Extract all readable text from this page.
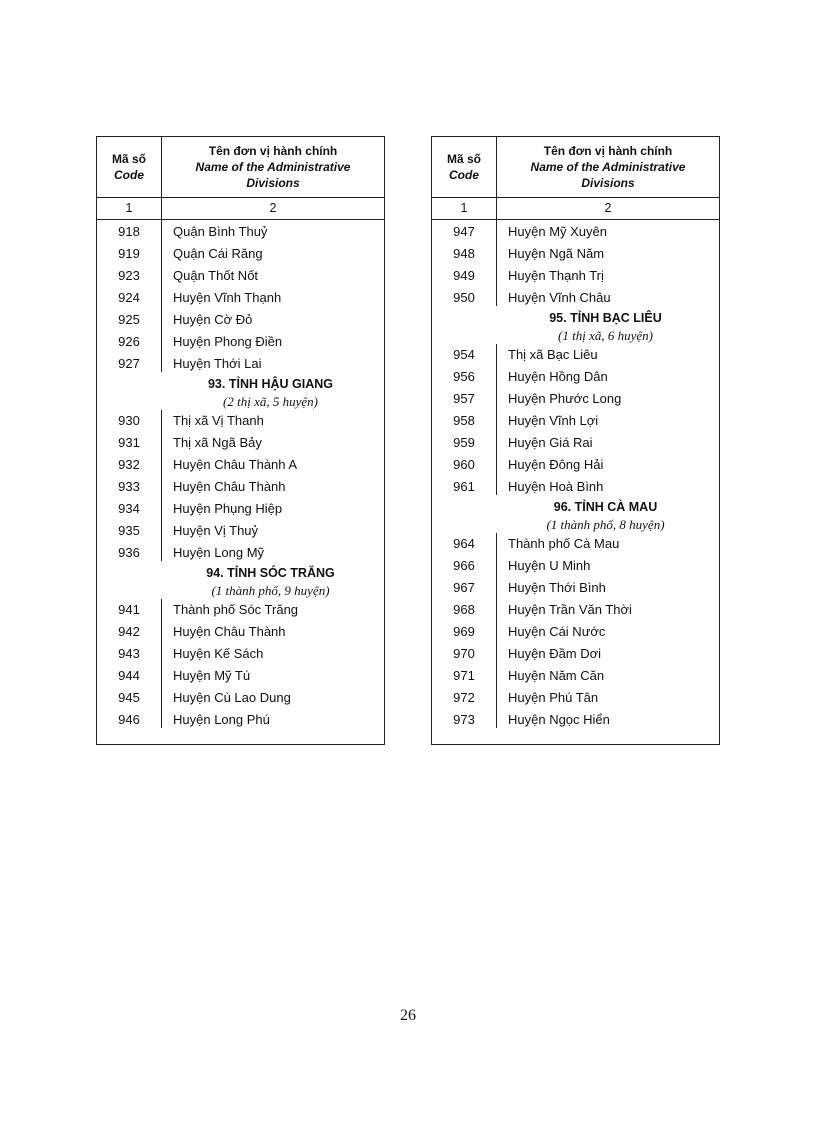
Mã số
Code
Tên đơn vị hành chính
Name of the Administrative
Divisions
1	2
918	Quận Bình Thuỷ
919	Quận Cái Răng
923	Quận Thốt Nốt
924	Huyện Vĩnh Thạnh
925	Huyện Cờ Đỏ
926	Huyện Phong Điền
927	Huyện Thới Lai
93. TỈNH HẬU GIANG
(2 thị xã, 5 huyện)
930	Thị xã Vị Thanh
931	Thị xã Ngã Bảy
932	Huyện Châu Thành A
933	Huyện Châu Thành
934	Huyện Phụng Hiệp
935	Huyện Vị Thuỷ
936	Huyện Long Mỹ
94. TỈNH SÓC TRĂNG
(1 thành phố, 9 huyện)
941	Thành phố Sóc Trăng
942	Huyện Châu Thành
943	Huyện Kế Sách
944	Huyện Mỹ Tú
945	Huyện Cù Lao Dung
946	Huyện Long Phú
Mã số
Code
Tên đơn vị hành chính
Name of the Administrative
Divisions
1	2
947	Huyện Mỹ Xuyên
948	Huyện Ngã Năm
949	Huyện Thạnh Trị
950	Huyện Vĩnh Châu
95. TỈNH BẠC LIÊU
(1 thị xã, 6 huyện)
954	Thị xã Bạc Liêu
956	Huyện Hồng Dân
957	Huyện Phước Long
958	Huyện Vĩnh Lợi
959	Huyện Giá Rai
960	Huyện Đông Hải
961	Huyện Hoà Bình
96. TỈNH CÀ MAU
(1 thành phố, 8 huyện)
964	Thành phố Cà Mau
966	Huyện U Minh
967	Huyện Thới Bình
968	Huyện Trần Văn Thời
969	Huyện Cái Nước
970	Huyện Đầm Dơi
971	Huyện Năm Căn
972	Huyện Phú Tân
973	Huyện Ngọc Hiển
26
